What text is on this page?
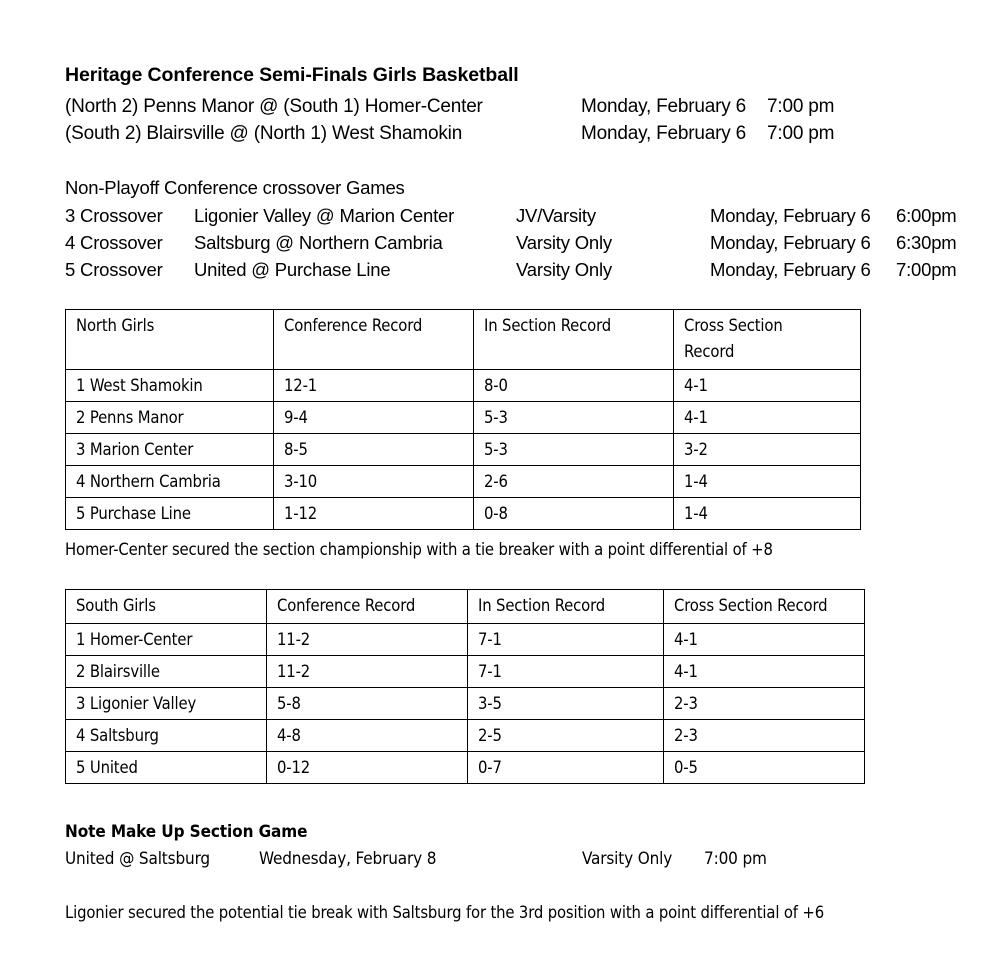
Heritage Conference Semi-Finals Girls Basketball
(North 2) Penns Manor @ (South 1) Homer-Center	Monday, February 6 7:00 pm
(South 2) Blairsville @ (North 1) West Shamokin	Monday, February 6 7:00 pm
Non-Playoff Conference crossover Games
3 Crossover Ligonier Valley @ Marion Center	JV/Varsity	Monday, February 6 6:00pm
4 Crossover Saltsburg @ Northern Cambria	Varsity Only	Monday, February 6 6:30pm
5 Crossover United @ Purchase Line	Varsity Only	Monday, February 6 7:00pm
North Girls	Conference Record	In Section Record	Cross Section
Record

1 West Shamokin	12-1	8-0	4-1
2 Penns Manor	9-4	5-3	4-1
3 Marion Center	8-5	5-3	3-2
4 Northern Cambria	3-10	2-6	1-4
5 Purchase Line	1-12	0-8	1-4
Homer-Center secured the section championship with a tie breaker with a point differential of +8
South Girls	Conference Record	In Section Record	Cross Section Record
1 Homer-Center	11-2	7-1	4-1
2 Blairsville	11-2	7-1	4-1
3 Ligonier Valley	5-8	3-5	2-3
4 Saltsburg	4-8	2-5	2-3
5 United	0-12	0-7	0-5
Note Make Up Section Game
United @ Saltsburg	Wednesday, February 8	Varsity Only 7:00 pm
Ligonier secured the potential tie break with Saltsburg for the 3rd position with a point differential of +6
